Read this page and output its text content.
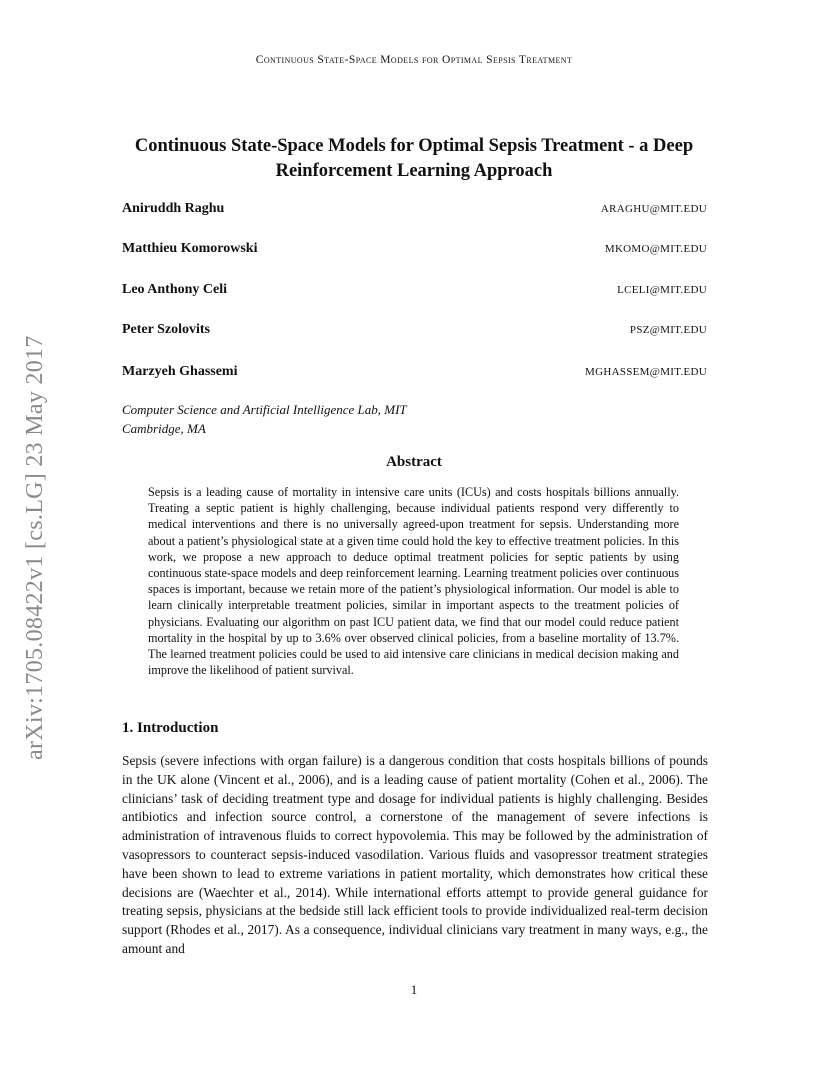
Continuous State-Space Models for Optimal Sepsis Treatment
arXiv:1705.08422v1 [cs.LG] 23 May 2017
Continuous State-Space Models for Optimal Sepsis Treatment - a Deep Reinforcement Learning Approach
Aniruddh Raghu	ARAGHU@MIT.EDU
Matthieu Komorowski	MKOMO@MIT.EDU
Leo Anthony Celi	LCELI@MIT.EDU
Peter Szolovits	PSZ@MIT.EDU
Marzyeh Ghassemi	MGHASSEM@MIT.EDU
Computer Science and Artificial Intelligence Lab, MIT
Cambridge, MA
Abstract
Sepsis is a leading cause of mortality in intensive care units (ICUs) and costs hospitals billions annually. Treating a septic patient is highly challenging, because individual patients respond very differently to medical interventions and there is no universally agreed-upon treatment for sepsis. Understanding more about a patient’s physiological state at a given time could hold the key to effective treatment policies. In this work, we propose a new approach to deduce optimal treatment policies for septic patients by using continuous state-space models and deep reinforcement learning. Learning treatment policies over continuous spaces is important, because we retain more of the patient’s physiological information. Our model is able to learn clinically interpretable treatment policies, similar in important aspects to the treatment policies of physicians. Evaluating our algorithm on past ICU patient data, we find that our model could reduce patient mortality in the hospital by up to 3.6% over observed clinical policies, from a baseline mortality of 13.7%. The learned treatment policies could be used to aid intensive care clinicians in medical decision making and improve the likelihood of patient survival.
1. Introduction
Sepsis (severe infections with organ failure) is a dangerous condition that costs hospitals billions of pounds in the UK alone (Vincent et al., 2006), and is a leading cause of patient mortality (Cohen et al., 2006). The clinicians’ task of deciding treatment type and dosage for individual patients is highly challenging. Besides antibiotics and infection source control, a cornerstone of the management of severe infections is administration of intravenous fluids to correct hypovolemia. This may be followed by the administration of vasopressors to counteract sepsis-induced vasodilation. Various fluids and vasopressor treatment strategies have been shown to lead to extreme variations in patient mortality, which demonstrates how critical these decisions are (Waechter et al., 2014). While international efforts attempt to provide general guidance for treating sepsis, physicians at the bedside still lack efficient tools to provide individualized real-term decision support (Rhodes et al., 2017). As a consequence, individual clinicians vary treatment in many ways, e.g., the amount and
1
